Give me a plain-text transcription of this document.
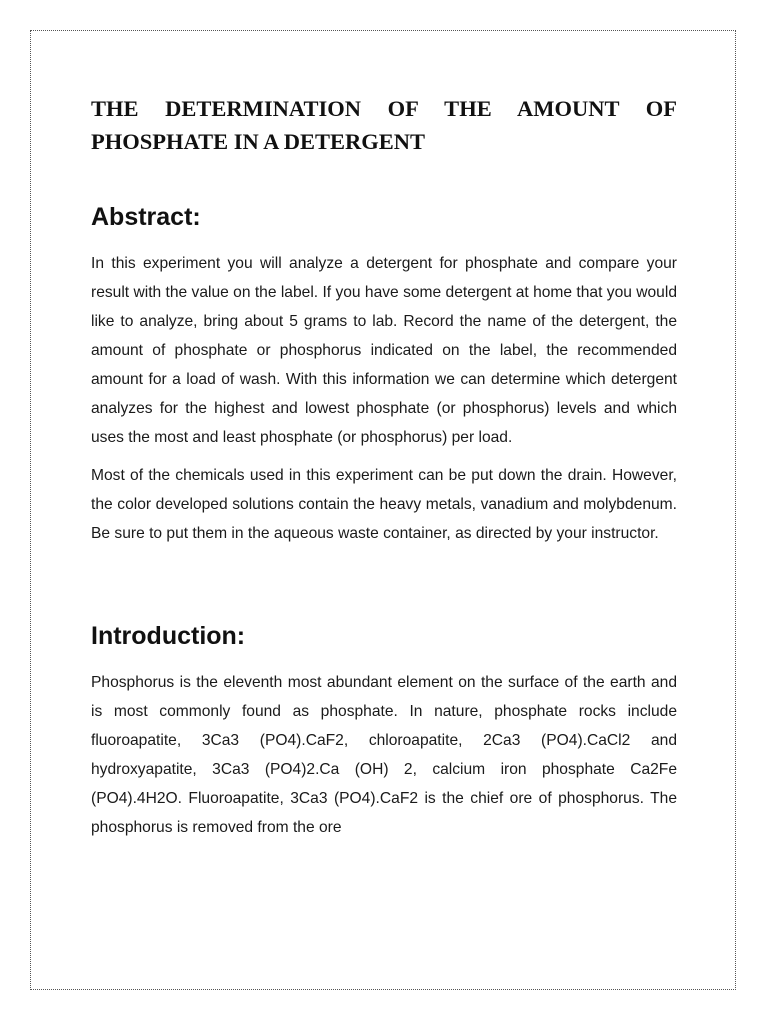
THE DETERMINATION OF THE AMOUNT OF PHOSPHATE IN A DETERGENT
Abstract:

In this experiment you will analyze a detergent for phosphate and compare your result with the value on the label. If you have some detergent at home that you would like to analyze, bring about 5 grams to lab. Record the name of the detergent, the amount of phosphate or phosphorus indicated on the label, the recommended amount for a load of wash. With this information we can determine which detergent analyzes for the highest and lowest phosphate (or phosphorus) levels and which uses the most and least phosphate (or phosphorus) per load.

Most of the chemicals used in this experiment can be put down the drain. However, the color developed solutions contain the heavy metals, vanadium and molybdenum. Be sure to put them in the aqueous waste container, as directed by your instructor.

Introduction:

Phosphorus is the eleventh most abundant element on the surface of the earth and is most commonly found as phosphate. In nature, phosphate rocks include fluoroapatite, 3Ca3 (PO4).CaF2, chloroapatite, 2Ca3 (PO4).CaCl2 and hydroxyapatite, 3Ca3 (PO4)2.Ca (OH) 2, calcium iron phosphate Ca2Fe (PO4).4H2O. Fluoroapatite, 3Ca3 (PO4).CaF2 is the chief ore of phosphorus. The phosphorus is removed from the ore
